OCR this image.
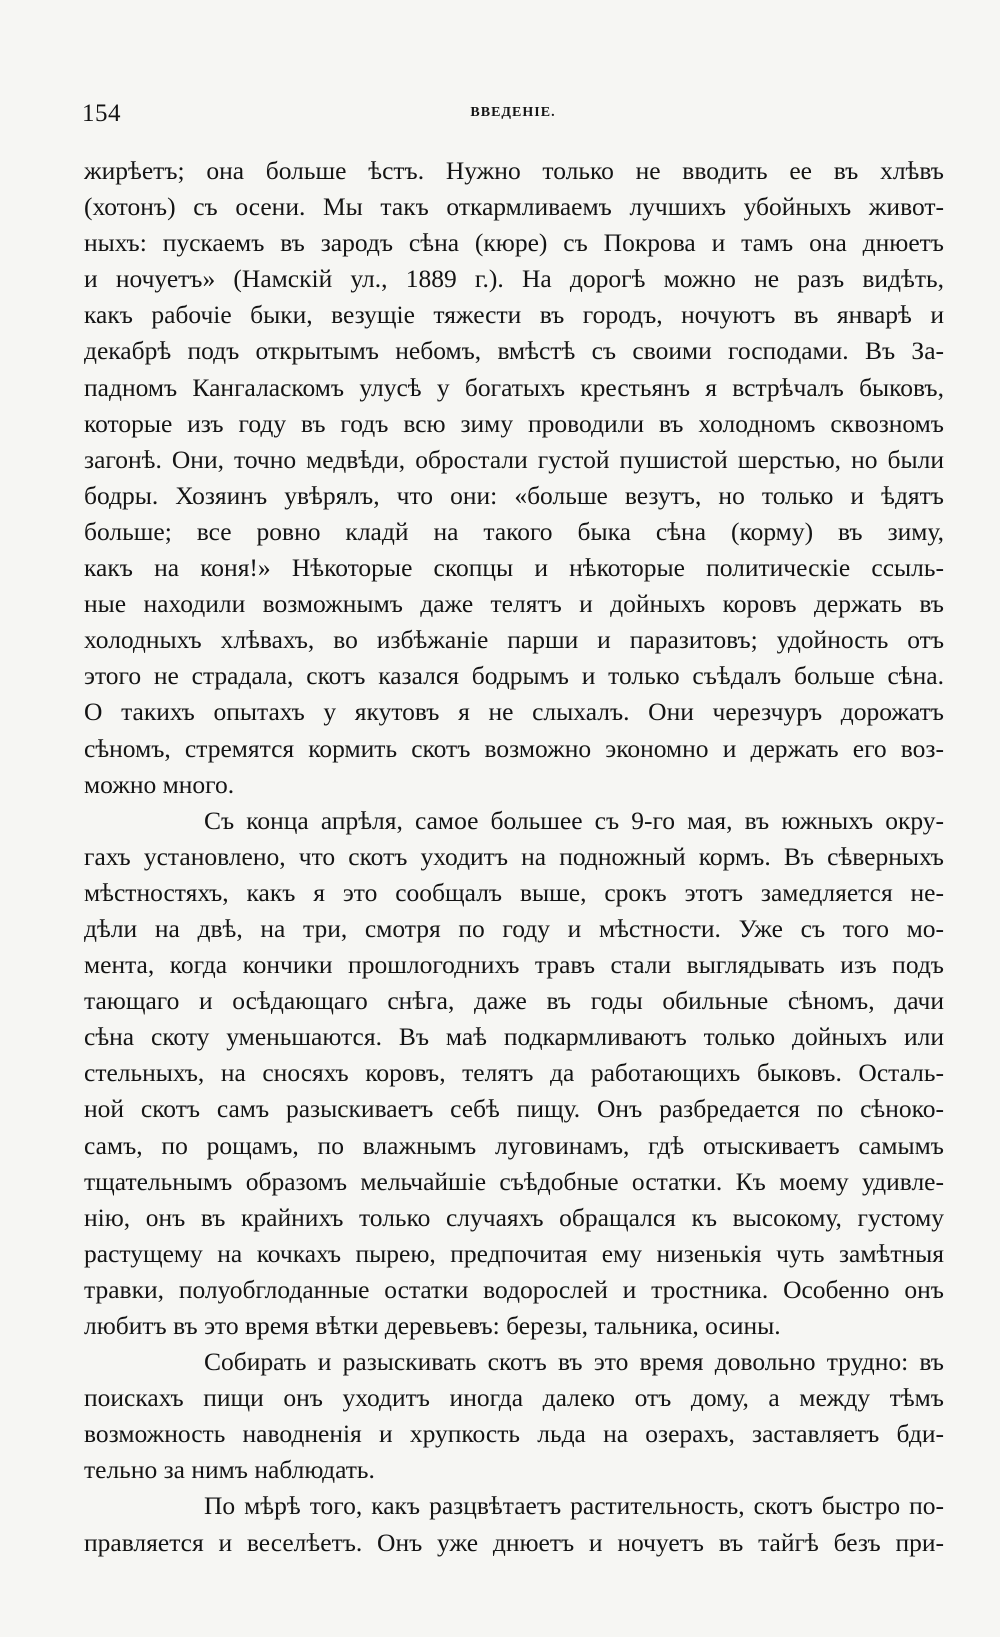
154	ВВЕДЕНІЕ.
жирѣетъ; она больше ѣстъ. Нужно только не вводить ее въ хлѣвъ
(хотонъ) съ осени. Мы такъ откармливаемъ лучшихъ убойныхъ живот-
ныхъ: пускаемъ въ зародъ сѣна (кюре) съ Покрова и тамъ она днюетъ
и ночуетъ» (Намскій ул., 1889 г.). На дорогѣ можно не разъ видѣть,
какъ рабочіе быки, везущіе тяжести въ городъ, ночуютъ въ январѣ и
декабрѣ подъ открытымъ небомъ, вмѣстѣ съ своими господами. Въ За-
падномъ Кангаласкомъ улусѣ у богатыхъ крестьянъ я встрѣчалъ быковъ,
которые изъ году въ годъ всю зиму проводили въ холодномъ сквозномъ
загонѣ. Они, точно медвѣди, обростали густой пушистой шерстью, но были
бодры. Хозяинъ увѣрялъ, что они: «больше везутъ, но только и ѣдятъ
больше; все ровно кладй на такого быка сѣна (корму) въ зиму,
какъ на коня!» Нѣкоторые скопцы и нѣкоторые политическіе ссыль-
ные находили возможнымъ даже телятъ и дойныхъ коровъ держать въ
холодныхъ хлѣвахъ, во избѣжаніе парши и паразитовъ; удойность отъ
этого не страдала, скотъ казался бодрымъ и только съѣдалъ больше сѣна.
О такихъ опытахъ у якутовъ я не слыхалъ. Они черезчуръ дорожатъ
сѣномъ, стремятся кормить скотъ возможно экономно и держать его воз-
можно много.
Съ конца апрѣля, самое большее съ 9-го мая, въ южныхъ окру-
гахъ установлено, что скотъ уходитъ на подножный кормъ. Въ сѣверныхъ
мѣстностяхъ, какъ я это сообщалъ выше, срокъ этотъ замедляется не-
дѣли на двѣ, на три, смотря по году и мѣстности. Уже съ того мо-
мента, когда кончики прошлогоднихъ травъ стали выглядывать изъ подъ
тающаго и осѣдающаго снѣга, даже въ годы обильные сѣномъ, дачи
сѣна скоту уменьшаются. Въ маѣ подкармливаютъ только дойныхъ или
стельныхъ, на сносяхъ коровъ, телятъ да работающихъ быковъ. Осталь-
ной скотъ самъ разыскиваетъ себѣ пищу. Онъ разбредается по сѣноко-
самъ, по рощамъ, по влажнымъ луговинамъ, гдѣ отыскиваетъ самымъ
тщательнымъ образомъ мельчайшіе съѣдобные остатки. Къ моему удивле-
нію, онъ въ крайнихъ только случаяхъ обращался къ высокому, густому
растущему на кочкахъ пырею, предпочитая ему низенькія чуть замѣтныя
травки, полуобглоданные остатки водорослей и тростника. Особенно онъ
любитъ въ это время вѣтки деревьевъ: березы, тальника, осины.
Собирать и разыскивать скотъ въ это время довольно трудно: въ
поискахъ пищи онъ уходитъ иногда далеко отъ дому, а между тѣмъ
возможность наводненія и хрупкость льда на озерахъ, заставляетъ бди-
тельно за нимъ наблюдать.
По мѣрѣ того, какъ разцвѣтаетъ растительность, скотъ быстро по-
правляется и веселѣетъ. Онъ уже днюетъ и ночуетъ въ тайгѣ безъ при-
